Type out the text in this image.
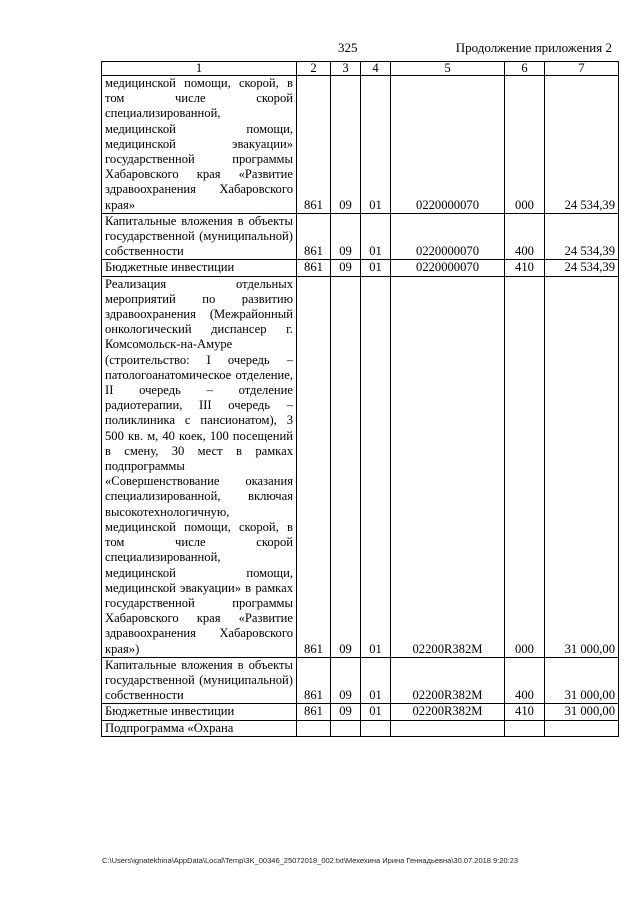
325	Продолжение приложения 2
1	2	3	4	5	6	7
медицинской помощи, скорой, в том числе скорой специализированной, медицинской помощи, медицинской эвакуации» государственной программы Хабаровского края «Развитие здравоохранения Хабаровского края»	861	09	01	0220000070	000	24 534,39
Капитальные вложения в объекты государственной (муниципальной) собственности	861	09	01	0220000070	400	24 534,39
Бюджетные инвестиции	861	09	01	0220000070	410	24 534,39
Реализация отдельных мероприятий по развитию здравоохранения (Межрайонный онкологический диспансер г. Комсомольск-на-Амуре (строительство: I очередь – патологоанатомическое отделение, II очередь – отделение радиотерапии, III очередь – поликлиника с пансионатом), 3 500 кв. м, 40 коек, 100 посещений в смену, 30 мест в рамках подпрограммы «Совершенствование оказания специализированной, включая высокотехнологичную, медицинской помощи, скорой, в том числе скорой специализированной, медицинской помощи, медицинской эвакуации» в рамках государственной программы Хабаровского края «Развитие здравоохранения Хабаровского края»)	861	09	01	02200R382M	000	31 000,00
Капитальные вложения в объекты государственной (муниципальной) собственности	861	09	01	02200R382M	400	31 000,00
Бюджетные инвестиции	861	09	01	02200R382M	410	31 000,00
Подпрограмма «Охрана						
C:\Users\ignatekhina\AppData\Local\Temp\3K_00346_25072018_002.txt\Мехехина Ирина Геннадьевна\30.07.2018 9:20:23
